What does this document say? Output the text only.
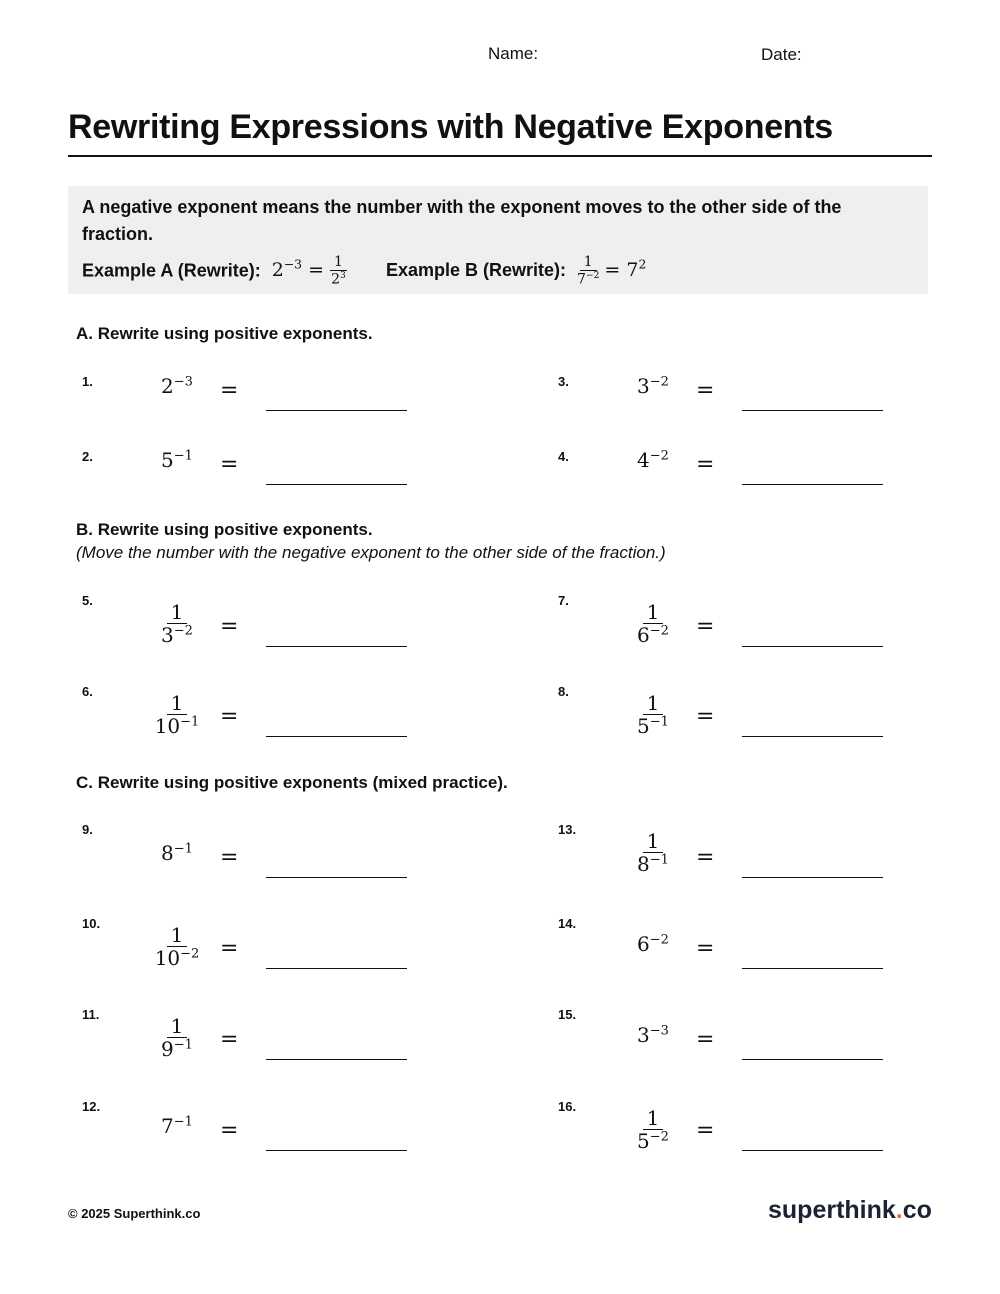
Name:	Date:
Rewriting Expressions with Negative Exponents
A negative exponent means the number with the exponent moves to the other side of the fraction.
Example A (Rewrite): $2^{-3} = \frac{1}{2^3}$ Example B (Rewrite): $\frac{1}{7^{-2}} = 7^2$
A. Rewrite using positive exponents.
B. Rewrite using positive exponents.
(Move the number with the negative exponent to the other side of the fraction.)
C. Rewrite using positive exponents (mixed practice).
1.	$2^{-3}$	=
2.	$5^{-1}$	=
3.	$3^{-2}$	=
4.	$4^{-2}$	=
5.
$\frac{1}{3^{-2}}$ =
6.
$\frac{1}{10^{-1}}$ =
7.
$\frac{1}{6^{-2}}$ =
8.
$\frac{1}{5^{-1}}$ =
9.
$8^{-1}$	=
10.
$\frac{1}{10^{-2}}$ =
11.
$\frac{1}{9^{-1}}$ =
12.
$7^{-1}$	=
13.
$\frac{1}{8^{-1}}$ =
14.
$6^{-2}$	=
15.
$3^{-3}$	=
16.
$\frac{1}{5^{-2}}$ =
© 2025 Superthink.co	superthink.co
